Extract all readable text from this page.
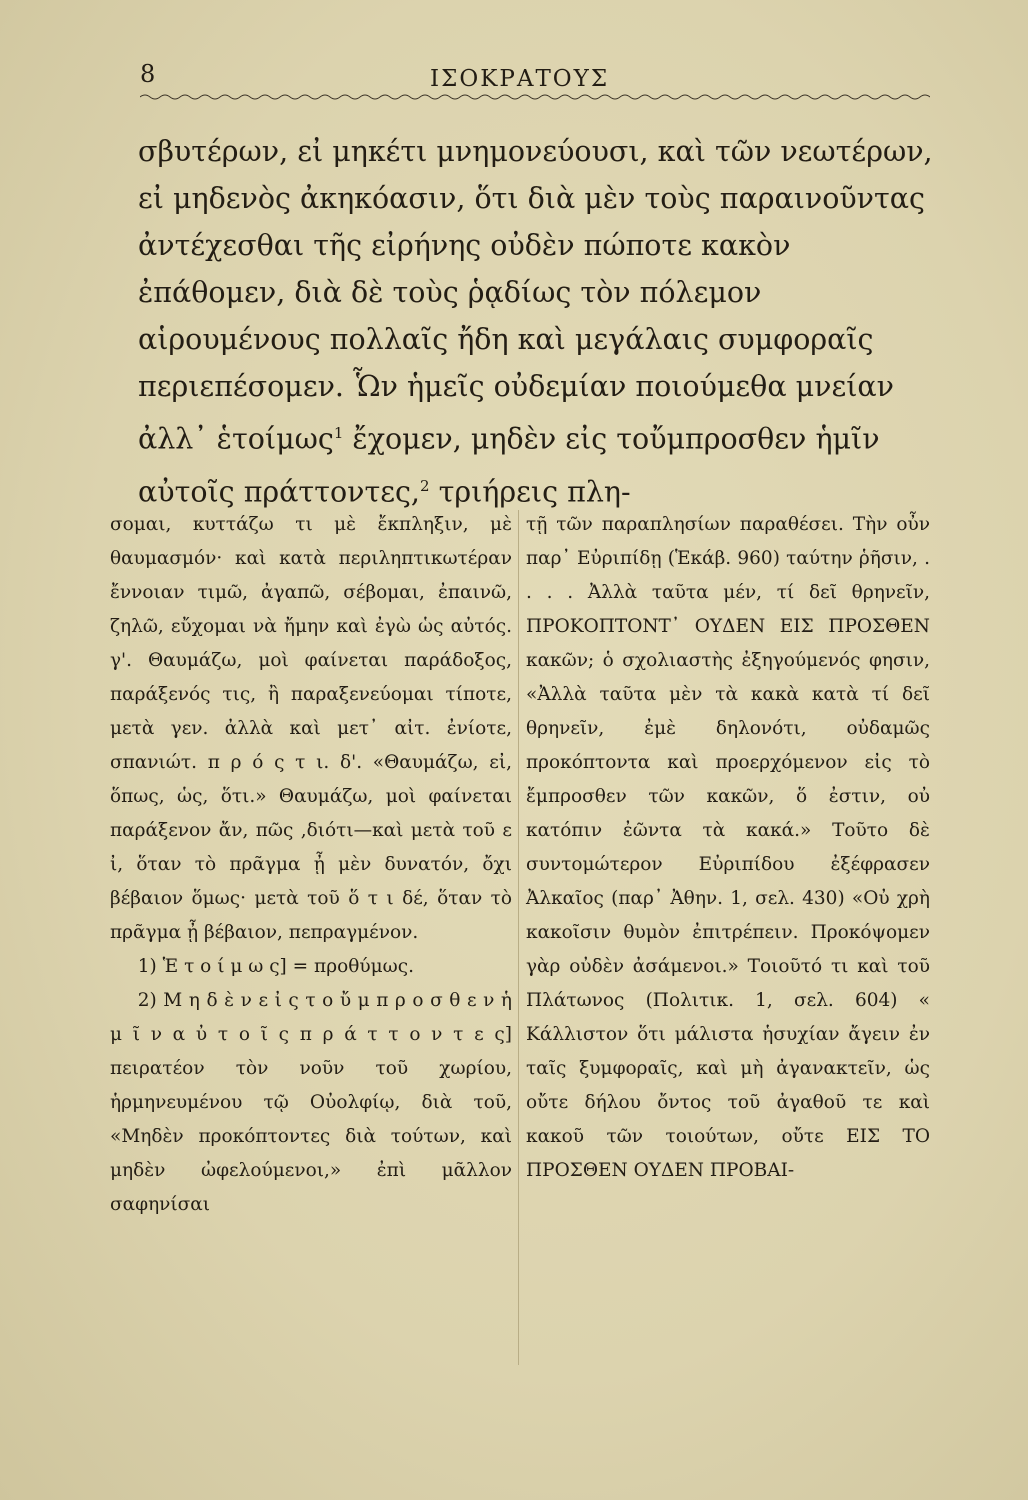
8	ΙΣΟΚΡΑΤΟΥΣ

σβυτέρων, εἰ μηκέτι μνημονεύουσι, καὶ τῶν νεωτέρων, εἰ μηδενὸς ἀκηκόασιν, ὅτι διὰ μὲν τοὺς παραινοῦντας ἀντέχεσθαι τῆς εἰρήνης οὐδὲν πώποτε κακὸν ἐπάθομεν, διὰ δὲ τοὺς ῥᾳδίως τὸν πόλεμον αἱρουμένους πολλαῖς ἤδη καὶ μεγάλαις συμφοραῖς περιεπέσομεν. Ὧν ἡμεῖς οὐδεμίαν ποιούμεθα μνείαν ἀλλ᾽ ἑτοίμως$^1$ ἔχομεν, μηδὲν εἰς τοὔμπροσθεν ἡμῖν αὐτοῖς πράττοντες,$^2$ τριήρεις πλη-

σομαι, κυττάζω τι μὲ ἔκπληξιν, μὲ θαυμασμόν· καὶ κατὰ περιληπτικωτέραν ἔννοιαν τιμῶ, ἀγαπῶ, σέβομαι, ἐπαινῶ, ζηλῶ, εὔχομαι νὰ ἤμην καὶ ἐγὼ ὡς αὐτός. γ'. Θαυμάζω, μοὶ φαίνεται παράδοξος, παράξενός τις, ἢ παραξενεύομαι τίποτε, μετὰ γεν. ἀλλὰ καὶ μετ᾽ αἰτ. ἐνίοτε, σπανιώτ. π ρ ό ς τ ι. δ'. «Θαυμάζω, εἰ, ὅπως, ὡς, ὅτι.» Θαυμάζω, μοὶ φαίνεται παράξενον ἄν, πῶς ,διότι—καὶ μετὰ τοῦ ε ἰ, ὅταν τὸ πρᾶγμα ᾖ μὲν δυνατόν, ὄχι βέβαιον ὅμως· μετὰ τοῦ ὅ τ ι δέ, ὅταν τὸ πρᾶγμα ᾖ βέβαιον, πεπραγμένον.

1) Ἑ τ ο ί μ ω ς] = προθύμως.

2) Μ η δ ὲ ν ε ἰ ς τ ο ὔ μ π ρ ο σ θ ε ν ἡ μ ῖ ν α ὐ τ ο ῖ ς π ρ ά τ τ ο ν τ ε ς] πειρατέον τὸν νοῦν τοῦ χωρίου, ἡρμηνευμένου τῷ Οὐολφίῳ, διὰ τοῦ, «Μηδὲν προκόπτοντες διὰ τούτων, καὶ μηδὲν ὠφελούμενοι,» ἐπὶ μᾶλλον σαφηνίσαι

τῇ τῶν παραπλησίων παραθέσει. Τὴν οὖν παρ᾽ Εὐριπίδῃ (Ἑκάβ. 960) ταύτην ῥῆσιν, . . . . Ἀλλὰ ταῦτα μέν, τί δεῖ θρηνεῖν, ΠΡΟΚΟΠΤΟΝΤ᾽ ΟΥΔΕΝ ΕΙΣ ΠΡΟΣΘΕΝ κακῶν; ὁ σχολιαστὴς ἐξηγούμενός φησιν, «Ἀλλὰ ταῦτα μὲν τὰ κακὰ κατὰ τί δεῖ θρηνεῖν, ἐμὲ δηλονότι, οὐδαμῶς προκόπτοντα καὶ προερχόμενον εἰς τὸ ἔμπροσθεν τῶν κακῶν, ὅ ἐστιν, οὐ κατόπιν ἐῶντα τὰ κακά.» Τοῦτο δὲ συντομώτερον Εὐριπίδου ἐξέφρασεν Ἀλκαῖος (παρ᾽ Ἀθην. 1, σελ. 430) «Οὐ χρὴ κακοῖσιν θυμὸν ἐπιτρέπειν. Προκόψομεν γὰρ οὐδὲν ἀσάμενοι.» Τοιοῦτό τι καὶ τοῦ Πλάτωνος (Πολιτικ. 1, σελ. 604) « Κάλλιστον ὅτι μάλιστα ἡσυχίαν ἄγειν ἐν ταῖς ξυμφοραῖς, καὶ μὴ ἀγανακτεῖν, ὡς οὔτε δήλου ὄντος τοῦ ἀγαθοῦ τε καὶ κακοῦ τῶν τοιούτων, οὔτε ΕΙΣ ΤΟ ΠΡΟΣΘΕΝ ΟΥΔΕΝ ΠΡΟΒΑΙ-
